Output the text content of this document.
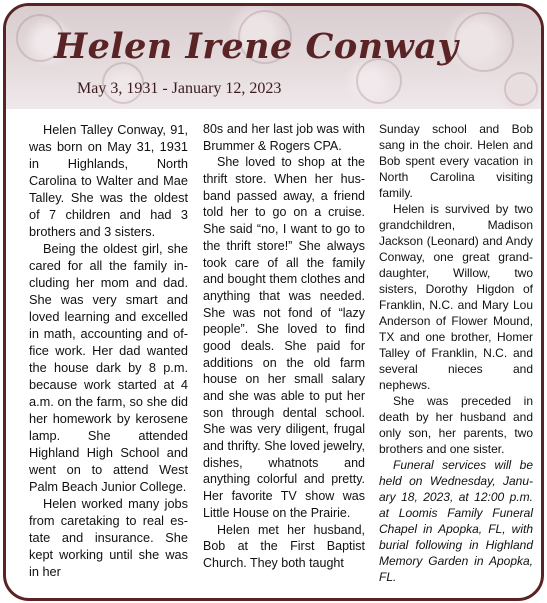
Helen Irene Conway
May 3, 1931 - January 12, 2023

Helen Talley Conway, 91, was born on May 31, 1931 in Highlands, North Carolina to Walter and Mae Talley. She was the oldest of 7 children and had 3 brothers and 3 sisters.

Being the oldest girl, she cared for all the family including her mom and dad. She was very smart and loved learning and excelled in math, accounting and office work. Her dad wanted the house dark by 8 p.m. because work started at 4 a.m. on the farm, so she did her homework by kerosene lamp. She attended Highland High School and went on to attend West Palm Beach Junior College.

Helen worked many jobs from caretaking to real estate and insurance. She kept working until she was in her

80s and her last job was with Brummer & Rogers CPA.

She loved to shop at the thrift store. When her husband passed away, a friend told her to go on a cruise. She said “no, I want to go to the thrift store!” She always took care of all the family and bought them clothes and anything that was needed. She was not fond of “lazy people”. She loved to find good deals. She paid for additions on the old farm house on her small salary and she was able to put her son through dental school. She was very diligent, frugal and thrifty. She loved jewelry, dishes, whatnots and anything colorful and pretty. Her favorite TV show was Little House on the Prairie.

Helen met her husband, Bob at the First Baptist Church. They both taught

Sunday school and Bob sang in the choir. Helen and Bob spent every vacation in North Carolina visiting family.

Helen is survived by two grandchildren, Madison Jackson (Leonard) and Andy Conway, one great granddaughter, Willow, two sisters, Dorothy Higdon of Franklin, N.C. and Mary Lou Anderson of Flower Mound, TX and one brother, Homer Talley of Franklin, N.C. and several nieces and nephews.

She was preceded in death by her husband and only son, her parents, two brothers and one sister.

Funeral services will be held on Wednesday, January 18, 2023, at 12:00 p.m. at Loomis Family Funeral Chapel in Apopka, FL, with burial following in Highland Memory Garden in Apopka, FL.
